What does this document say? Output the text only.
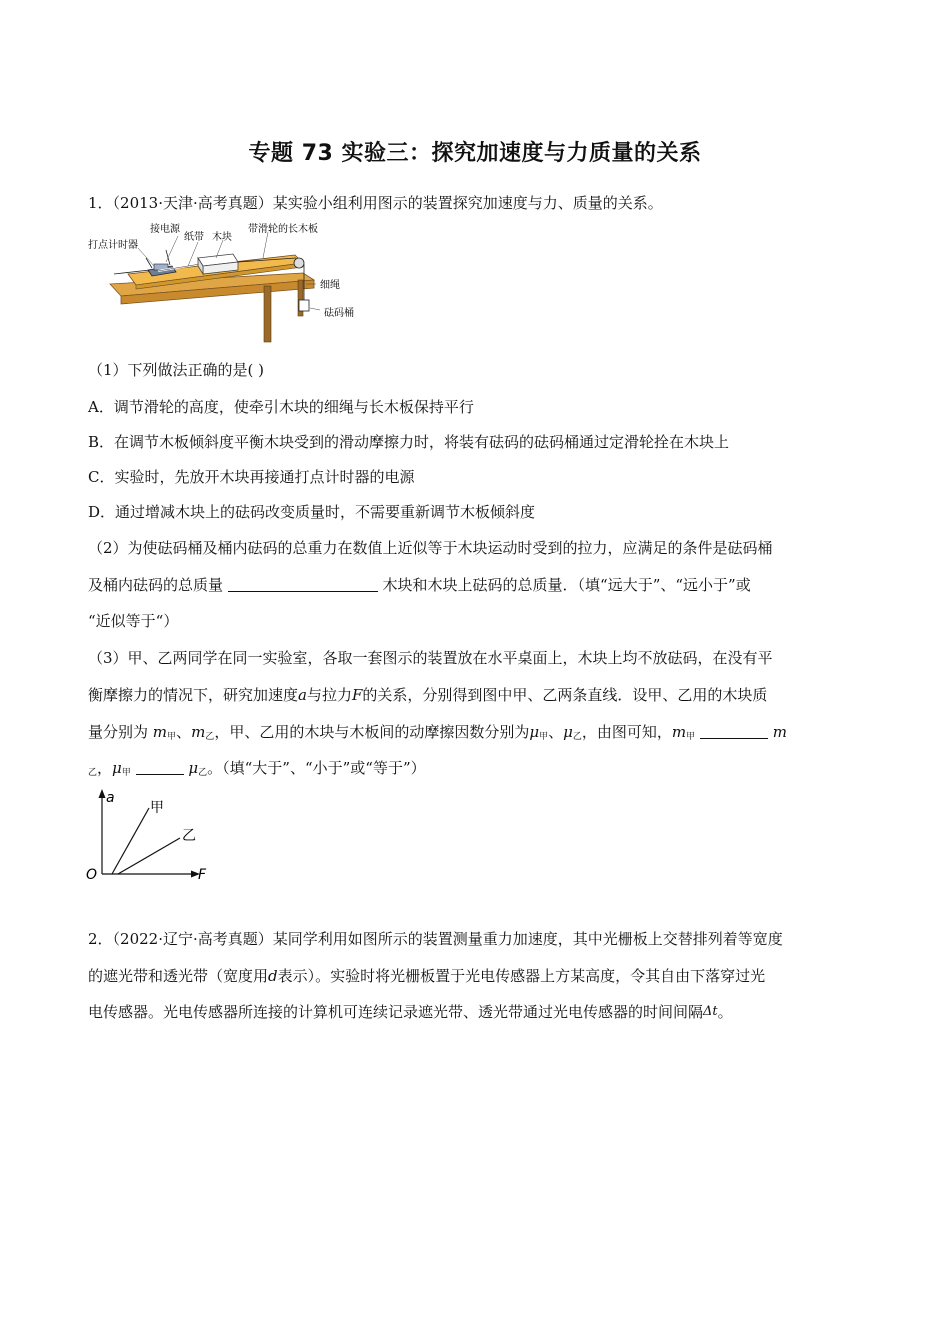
专题 73 实验三：探究加速度与力质量的关系
1．（2013·天津·高考真题）某实验小组利用图示的装置探究加速度与力、质量的关系。
接电源
纸带 木块
带滑轮的长木板
打点计时器
细绳
砝码桶
（1）下列做法正确的是( )
A．调节滑轮的高度，使牵引木块的细绳与长木板保持平行
B．在调节木板倾斜度平衡木块受到的滑动摩擦力时，将装有砝码的砝码桶通过定滑轮拴在木块上
C．实验时，先放开木块再接通打点计时器的电源
D．通过增减木块上的砝码改变质量时，不需要重新调节木板倾斜度
（2）为使砝码桶及桶内砝码的总重力在数值上近似等于木块运动时受到的拉力，应满足的条件是砝码桶
及桶内砝码的总质量	木块和木块上砝码的总质量．（填“远大于”、“远小于”或
“近似等于“）
（3）甲、乙两同学在同一实验室，各取一套图示的装置放在水平桌面上，木块上均不放砝码，在没有平
衡摩擦力的情况下，研究加速度a与拉力F的关系，分别得到图中甲、乙两条直线．设甲、乙用的木块质
量分别为 $m_甲$、$m_乙$，甲、乙用的木块与木板间的动摩擦因数分别为$\mu_甲$、$\mu_乙$，由图可知，$m_甲$	m
$_乙$，$\mu_甲$	$\mu_乙$。（填“大于”、“小于”或“等于”）
a
F
O
甲
乙
2．（2022·辽宁·高考真题）某同学利用如图所示的装置测量重力加速度，其中光栅板上交替排列着等宽度
的遮光带和透光带（宽度用d表示）。实验时将光栅板置于光电传感器上方某高度，令其自由下落穿过光
电传感器。光电传感器所连接的计算机可连续记录遮光带、透光带通过光电传感器的时间间隔Δt。
